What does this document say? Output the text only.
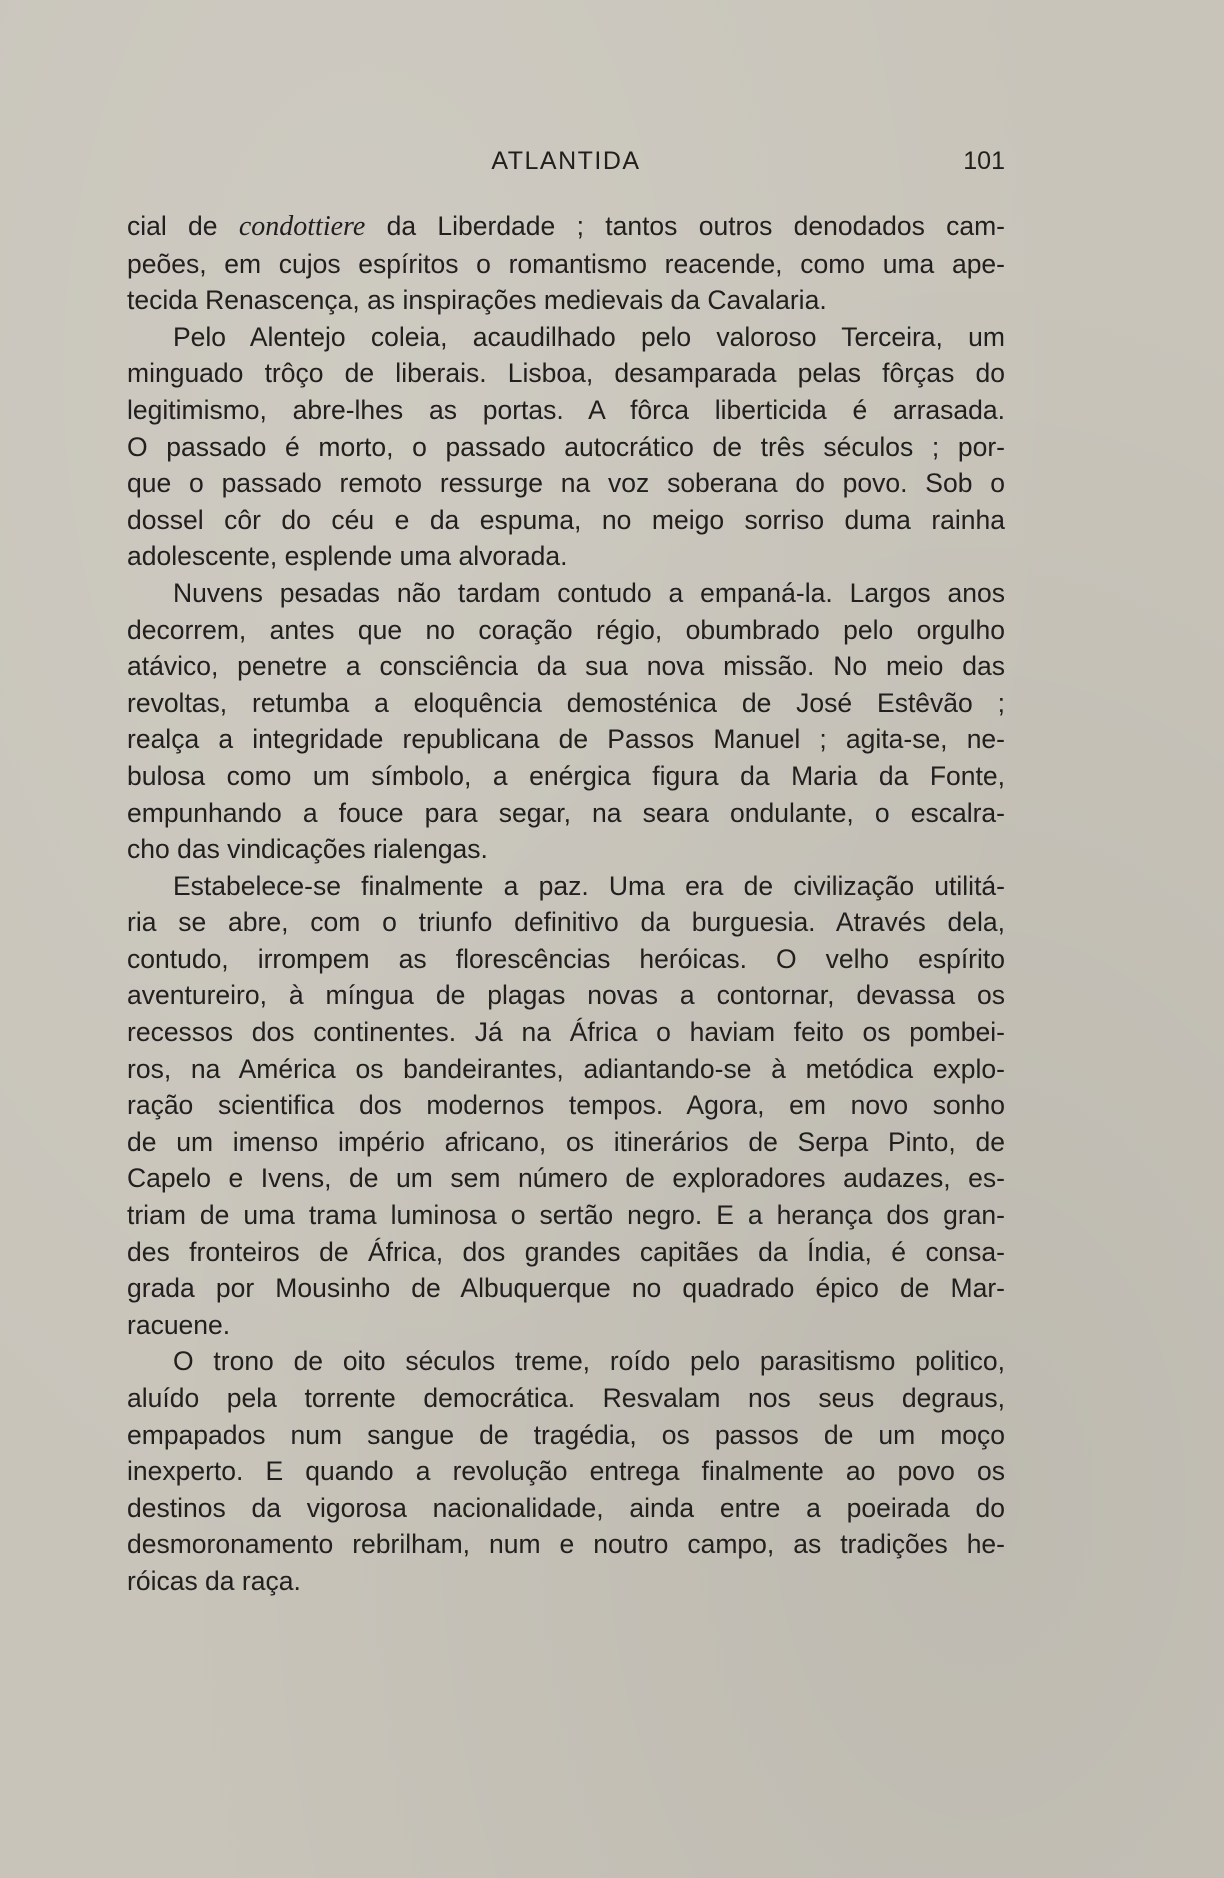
ATLANTIDA	101

cial de condottiere da Liberdade ; tantos outros denodados cam-
peões, em cujos espíritos o romantismo reacende, como uma ape-
tecida Renascença, as inspirações medievais da Cavalaria.

Pelo Alentejo coleia, acaudilhado pelo valoroso Terceira, um
minguado trôço de liberais. Lisboa, desamparada pelas fôrças do
legitimismo, abre-lhes as portas. A fôrca liberticida é arrasada.
O passado é morto, o passado autocrático de três séculos ; por-
que o passado remoto ressurge na voz soberana do povo. Sob o
dossel côr do céu e da espuma, no meigo sorriso duma rainha
adolescente, esplende uma alvorada.

Nuvens pesadas não tardam contudo a empaná-la. Largos anos
decorrem, antes que no coração régio, obumbrado pelo orgulho
atávico, penetre a consciência da sua nova missão. No meio das
revoltas, retumba a eloquência demosténica de José Estêvão ;
realça a integridade republicana de Passos Manuel ; agita-se, ne-
bulosa como um símbolo, a enérgica figura da Maria da Fonte,
empunhando a fouce para segar, na seara ondulante, o escalra-
cho das vindicações rialengas.

Estabelece-se finalmente a paz. Uma era de civilização utilitá-
ria se abre, com o triunfo definitivo da burguesia. Através dela,
contudo, irrompem as florescências heróicas. O velho espírito
aventureiro, à míngua de plagas novas a contornar, devassa os
recessos dos continentes. Já na África o haviam feito os pombei-
ros, na América os bandeirantes, adiantando-se à metódica explo-
ração scientifica dos modernos tempos. Agora, em novo sonho
de um imenso império africano, os itinerários de Serpa Pinto, de
Capelo e Ivens, de um sem número de exploradores audazes, es-
triam de uma trama luminosa o sertão negro. E a herança dos gran-
des fronteiros de África, dos grandes capitães da Índia, é consa-
grada por Mousinho de Albuquerque no quadrado épico de Mar-
racuene.

O trono de oito séculos treme, roído pelo parasitismo politico,
aluído pela torrente democrática. Resvalam nos seus degraus,
empapados num sangue de tragédia, os passos de um moço
inexperto. E quando a revolução entrega finalmente ao povo os
destinos da vigorosa nacionalidade, ainda entre a poeirada do
desmoronamento rebrilham, num e noutro campo, as tradições he-
róicas da raça.
